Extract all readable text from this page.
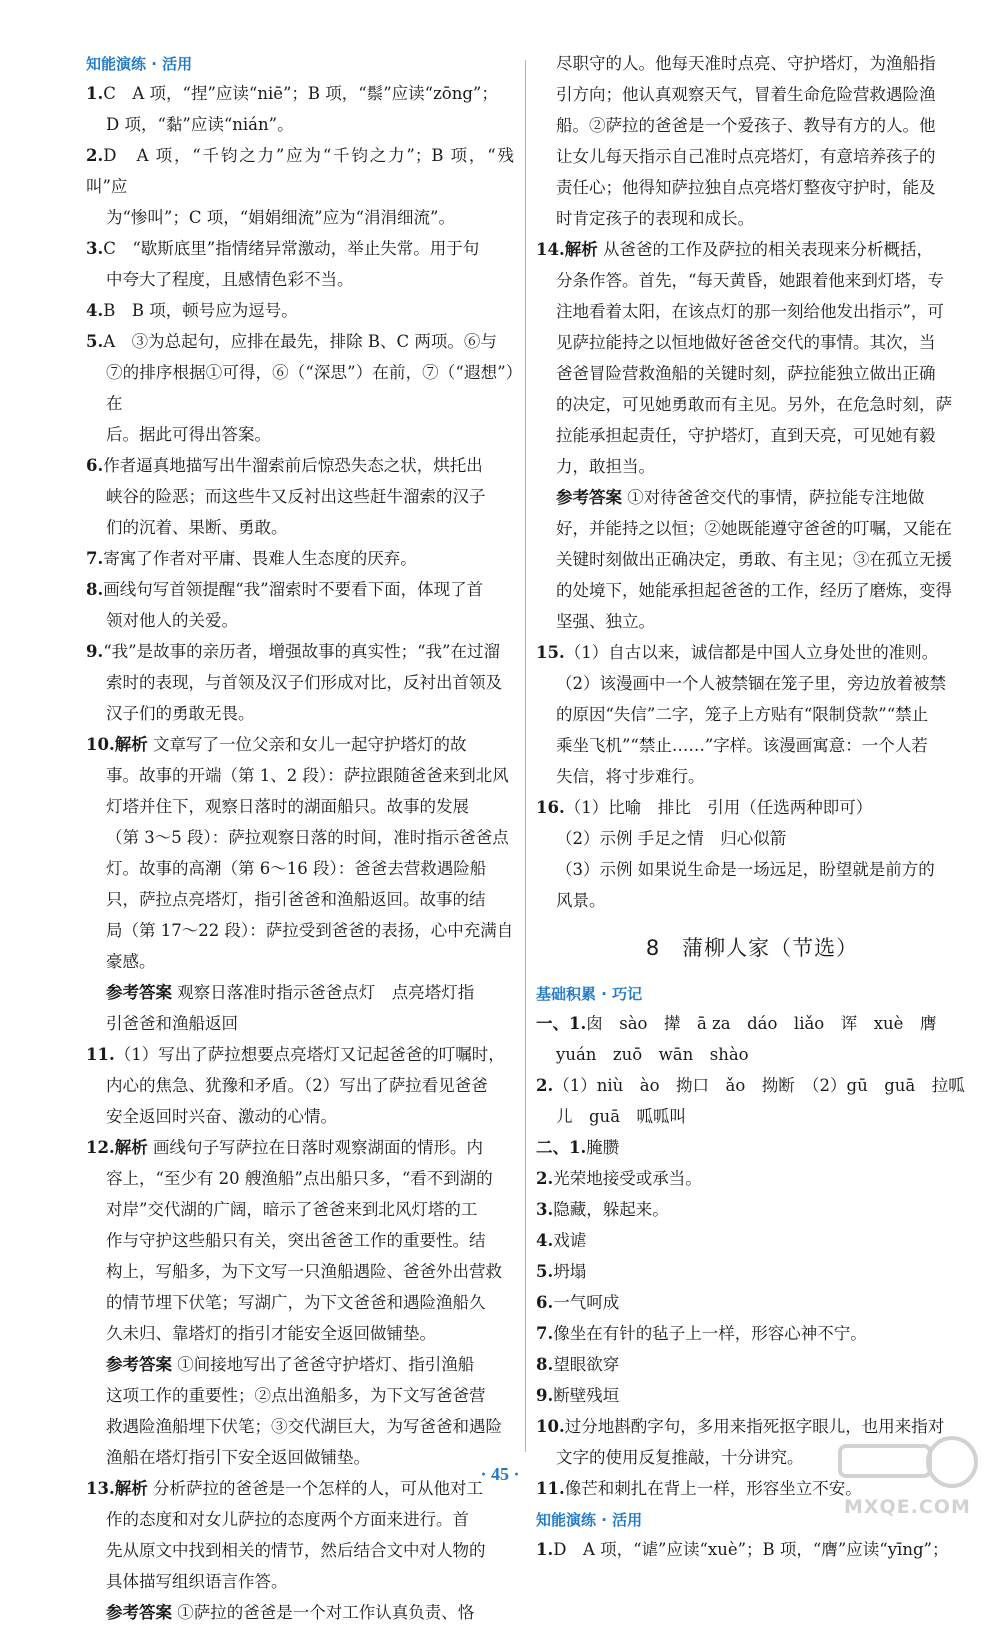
知能演练 · 活用

1.C　A 项，“捏”应读“niē”；B 项，“鬃”应读“zōng”；

D 项，“黏”应读“nián”。

2.D　A 项，“千钧之力”应为“千钧之力”；B 项，“残叫”应

为“惨叫”；C 项，“娟娟细流”应为“涓涓细流”。

3.C　“歇斯底里”指情绪异常激动，举止失常。用于句

中夸大了程度，且感情色彩不当。

4.B　B 项，顿号应为逗号。

5.A　③为总起句，应排在最先，排除 B、C 两项。⑥与

⑦的排序根据①可得，⑥（“深思”）在前，⑦（“遐想”）在

后。据此可得出答案。

6.作者逼真地描写出牛溜索前后惊恐失态之状，烘托出

峡谷的险恶；而这些牛又反衬出这些赶牛溜索的汉子

们的沉着、果断、勇敢。

7.寄寓了作者对平庸、畏难人生态度的厌弃。

8.画线句写首领提醒“我”溜索时不要看下面，体现了首

领对他人的关爱。

9.“我”是故事的亲历者，增强故事的真实性；“我”在过溜

索时的表现，与首领及汉子们形成对比，反衬出首领及

汉子们的勇敢无畏。

10.解析 文章写了一位父亲和女儿一起守护塔灯的故

事。故事的开端（第 1、2 段）：萨拉跟随爸爸来到北风

灯塔并住下，观察日落时的湖面船只。故事的发展

（第 3～5 段）：萨拉观察日落的时间，准时指示爸爸点

灯。故事的高潮（第 6～16 段）：爸爸去营救遇险船

只，萨拉点亮塔灯，指引爸爸和渔船返回。故事的结

局（第 17～22 段）：萨拉受到爸爸的表扬，心中充满自

豪感。

参考答案 观察日落准时指示爸爸点灯　点亮塔灯指

引爸爸和渔船返回

11.（1）写出了萨拉想要点亮塔灯又记起爸爸的叮嘱时，

内心的焦急、犹豫和矛盾。（2）写出了萨拉看见爸爸

安全返回时兴奋、激动的心情。

12.解析 画线句子写萨拉在日落时观察湖面的情形。内

容上，“至少有 20 艘渔船”点出船只多，“看不到湖的

对岸”交代湖的广阔，暗示了爸爸来到北风灯塔的工

作与守护这些船只有关，突出爸爸工作的重要性。结

构上，写船多，为下文写一只渔船遇险、爸爸外出营救

的情节埋下伏笔；写湖广，为下文爸爸和遇险渔船久

久未归、靠塔灯的指引才能安全返回做铺垫。

参考答案 ①间接地写出了爸爸守护塔灯、指引渔船

这项工作的重要性；②点出渔船多，为下文写爸爸营

救遇险渔船埋下伏笔；③交代湖巨大，为写爸爸和遇险

渔船在塔灯指引下安全返回做铺垫。

13.解析 分析萨拉的爸爸是一个怎样的人，可从他对工

作的态度和对女儿萨拉的态度两个方面来进行。首

先从原文中找到相关的情节，然后结合文中对人物的

具体描写组织语言作答。

参考答案 ①萨拉的爸爸是一个对工作认真负责、恪

尽职守的人。他每天准时点亮、守护塔灯，为渔船指

引方向；他认真观察天气，冒着生命危险营救遇险渔

船。②萨拉的爸爸是一个爱孩子、教导有方的人。他

让女儿每天指示自己准时点亮塔灯，有意培养孩子的

责任心；他得知萨拉独自点亮塔灯整夜守护时，能及

时肯定孩子的表现和成长。

14.解析 从爸爸的工作及萨拉的相关表现来分析概括，

分条作答。首先，“每天黄昏，她跟着他来到灯塔，专

注地看着太阳，在该点灯的那一刻给他发出指示”，可

见萨拉能持之以恒地做好爸爸交代的事情。其次，当

爸爸冒险营救渔船的关键时刻，萨拉能独立做出正确

的决定，可见她勇敢而有主见。另外，在危急时刻，萨

拉能承担起责任，守护塔灯，直到天亮，可见她有毅

力，敢担当。

参考答案 ①对待爸爸交代的事情，萨拉能专注地做

好，并能持之以恒；②她既能遵守爸爸的叮嘱，又能在

关键时刻做出正确决定，勇敢、有主见；③在孤立无援

的处境下，她能承担起爸爸的工作，经历了磨炼，变得

坚强、独立。

15.（1）自古以来，诚信都是中国人立身处世的准则。

（2）该漫画中一个人被禁锢在笼子里，旁边放着被禁

的原因“失信”二字，笼子上方贴有“限制贷款”“禁止

乘坐飞机”“禁止……”字样。该漫画寓意：一个人若

失信，将寸步难行。

16.（1）比喻　排比　引用（任选两种即可）

（2）示例 手足之情　归心似箭

（3）示例 如果说生命是一场远足，盼望就是前方的

风景。

8　蒲柳人家（节选）
基础积累 · 巧记

一、1.囱　sào　撵　ā za　dáo　liǎo　诨　xuè　膺

yuán　zuō　wān　shào

2.（1）niù　ào　拗口　ǎo　拗断　（2）gū　guā　拉呱

儿　guā　呱呱叫

二、1.腌臜

2.光荣地接受或承当。

3.隐藏，躲起来。

4.戏谑

5.坍塌

6.一气呵成

7.像坐在有针的毡子上一样，形容心神不宁。

8.望眼欲穿

9.断壁残垣

10.过分地斟酌字句，多用来指死抠字眼儿，也用来指对

文字的使用反复推敲，十分讲究。

11.像芒和刺扎在背上一样，形容坐立不安。

知能演练 · 活用

1.D　A 项，“谑”应读“xuè”；B 项，“膺”应读“yīng”；

· 45 ·
MXQE.COM
